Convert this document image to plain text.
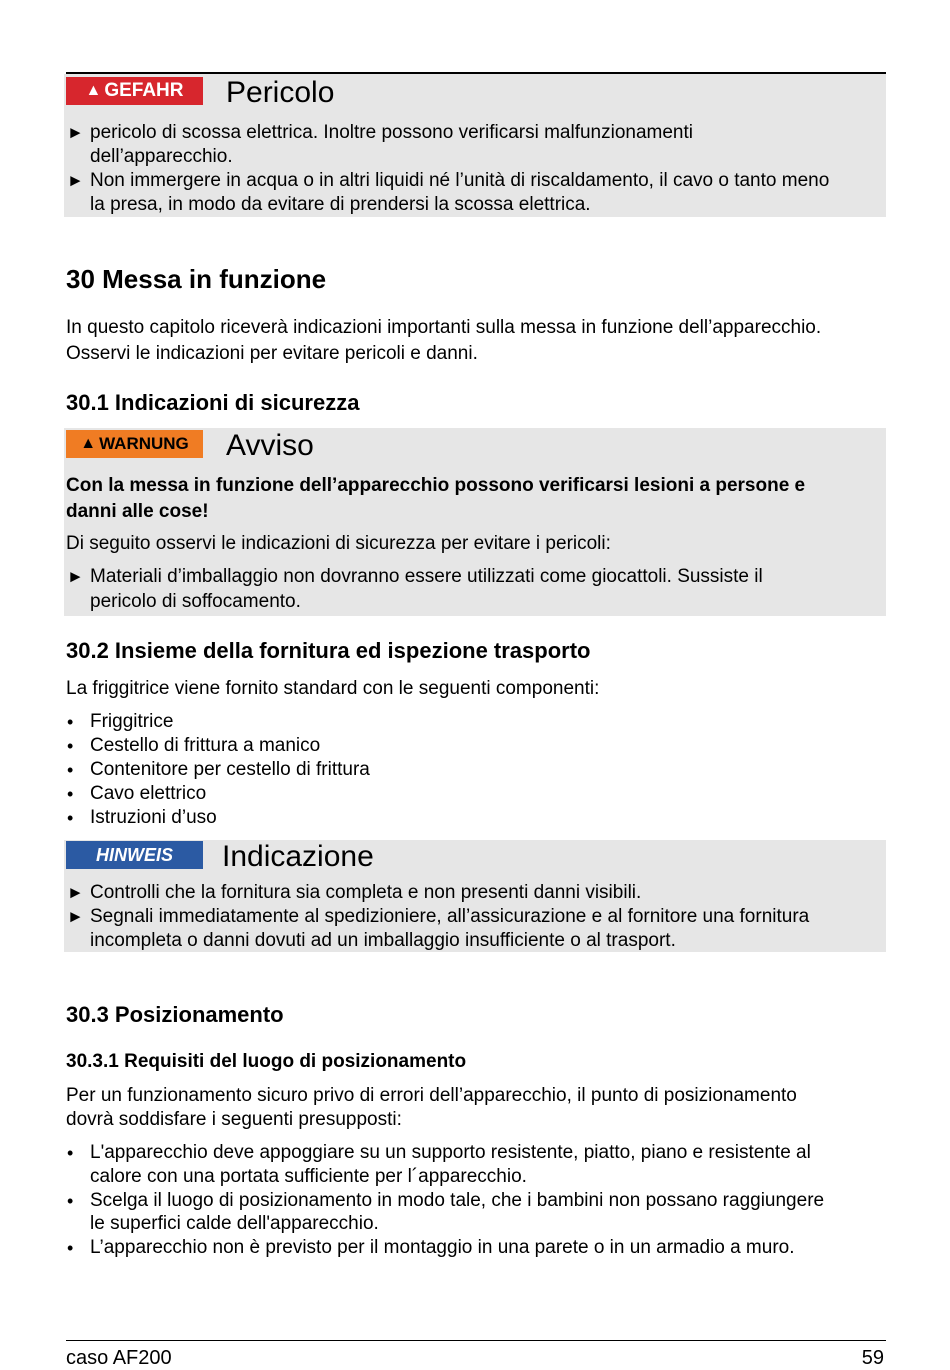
▲ GEFAHR Pericolo
► pericolo di scossa elettrica. Inoltre possono verificarsi malfunzionamenti
dell’apparecchio.
► Non immergere in acqua o in altri liquidi né l’unità di riscaldamento, il cavo o tanto meno
la presa, in modo da evitare di prendersi la scossa elettrica.
30 Messa in funzione
In questo capitolo riceverà indicazioni importanti sulla messa in funzione dell’apparecchio.
Osservi le indicazioni per evitare pericoli e danni.
30.1 Indicazioni di sicurezza
▲ WARNUNG Avviso
Con la messa in funzione dell’apparecchio possono verificarsi lesioni a persone e
danni alle cose!
Di seguito osservi le indicazioni di sicurezza per evitare i pericoli:
► Materiali d’imballaggio non dovranno essere utilizzati come giocattoli. Sussiste il
pericolo di soffocamento.
30.2 Insieme della fornitura ed ispezione trasporto
La friggitrice viene fornito standard con le seguenti componenti:
• Friggitrice
• Cestello di frittura a manico
• Contenitore per cestello di frittura
• Cavo elettrico
• Istruzioni d’uso
HINWEIS	Indicazione
► Controlli che la fornitura sia completa e non presenti danni visibili.
► Segnali immediatamente al spedizioniere, all’assicurazione e al fornitore una fornitura
incompleta o danni dovuti ad un imballaggio insufficiente o al trasport.
30.3 Posizionamento
30.3.1 Requisiti del luogo di posizionamento
Per un funzionamento sicuro privo di errori dell’apparecchio, il punto di posizionamento
dovrà soddisfare i seguenti presupposti:
• L'apparecchio deve appoggiare su un supporto resistente, piatto, piano e resistente al
calore con una portata sufficiente per l´apparecchio.
• Scelga il luogo di posizionamento in modo tale, che i bambini non possano raggiungere
le superfici calde dell'apparecchio.
• L’apparecchio non è previsto per il montaggio in una parete o in un armadio a muro.
caso AF200	59
